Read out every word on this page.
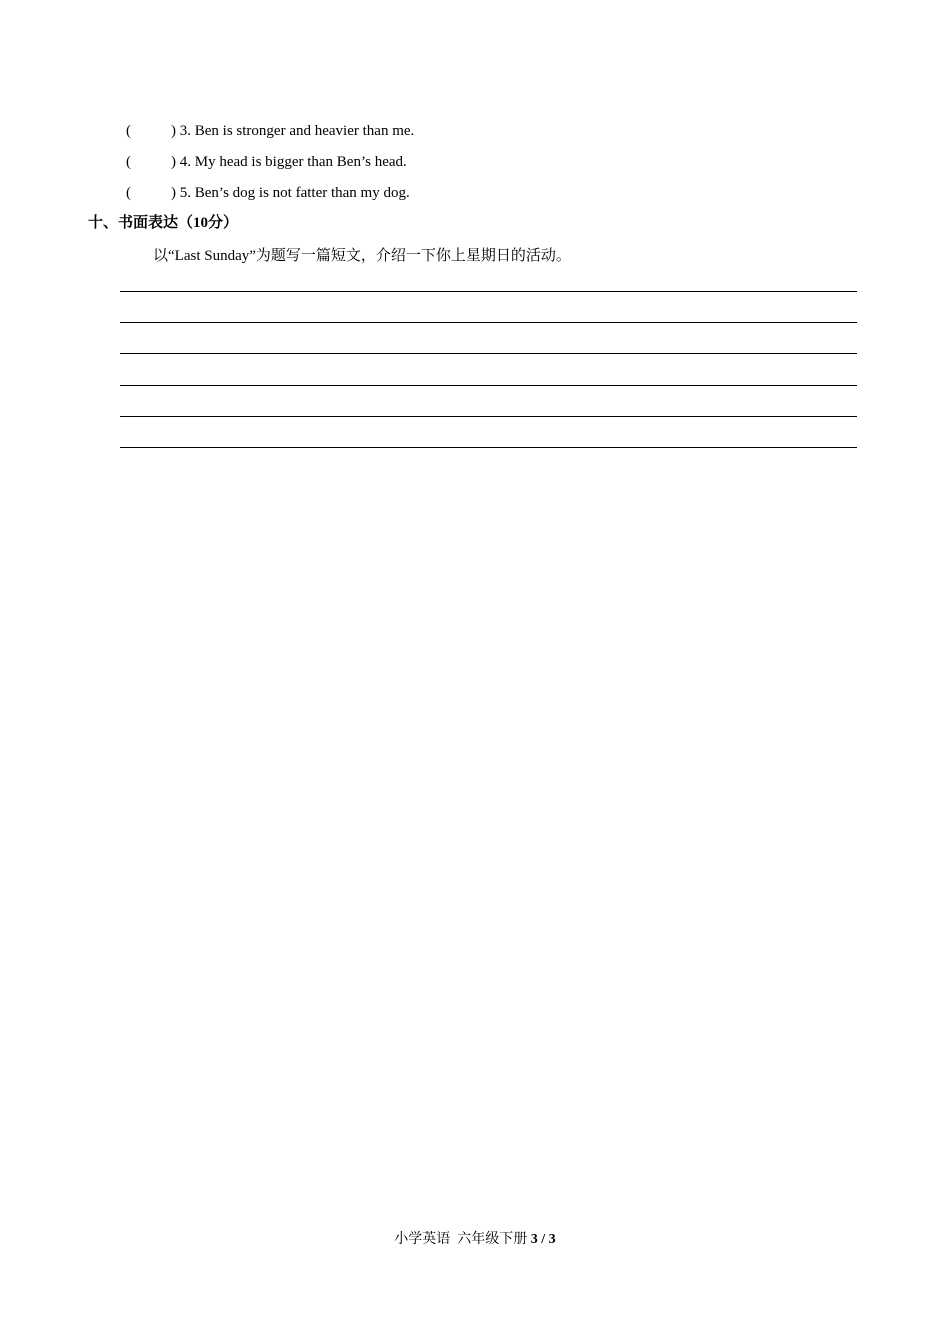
(	) 3. Ben is stronger and heavier than me.
(	) 4. My head is bigger than Ben’s head.
(	) 5. Ben’s dog is not fatter than my dog.
十、书面表达（10分）
以“Last Sunday”为题写一篇短文，介绍一下你上星期日的活动。
小学英语  六年级下册 3 / 3
